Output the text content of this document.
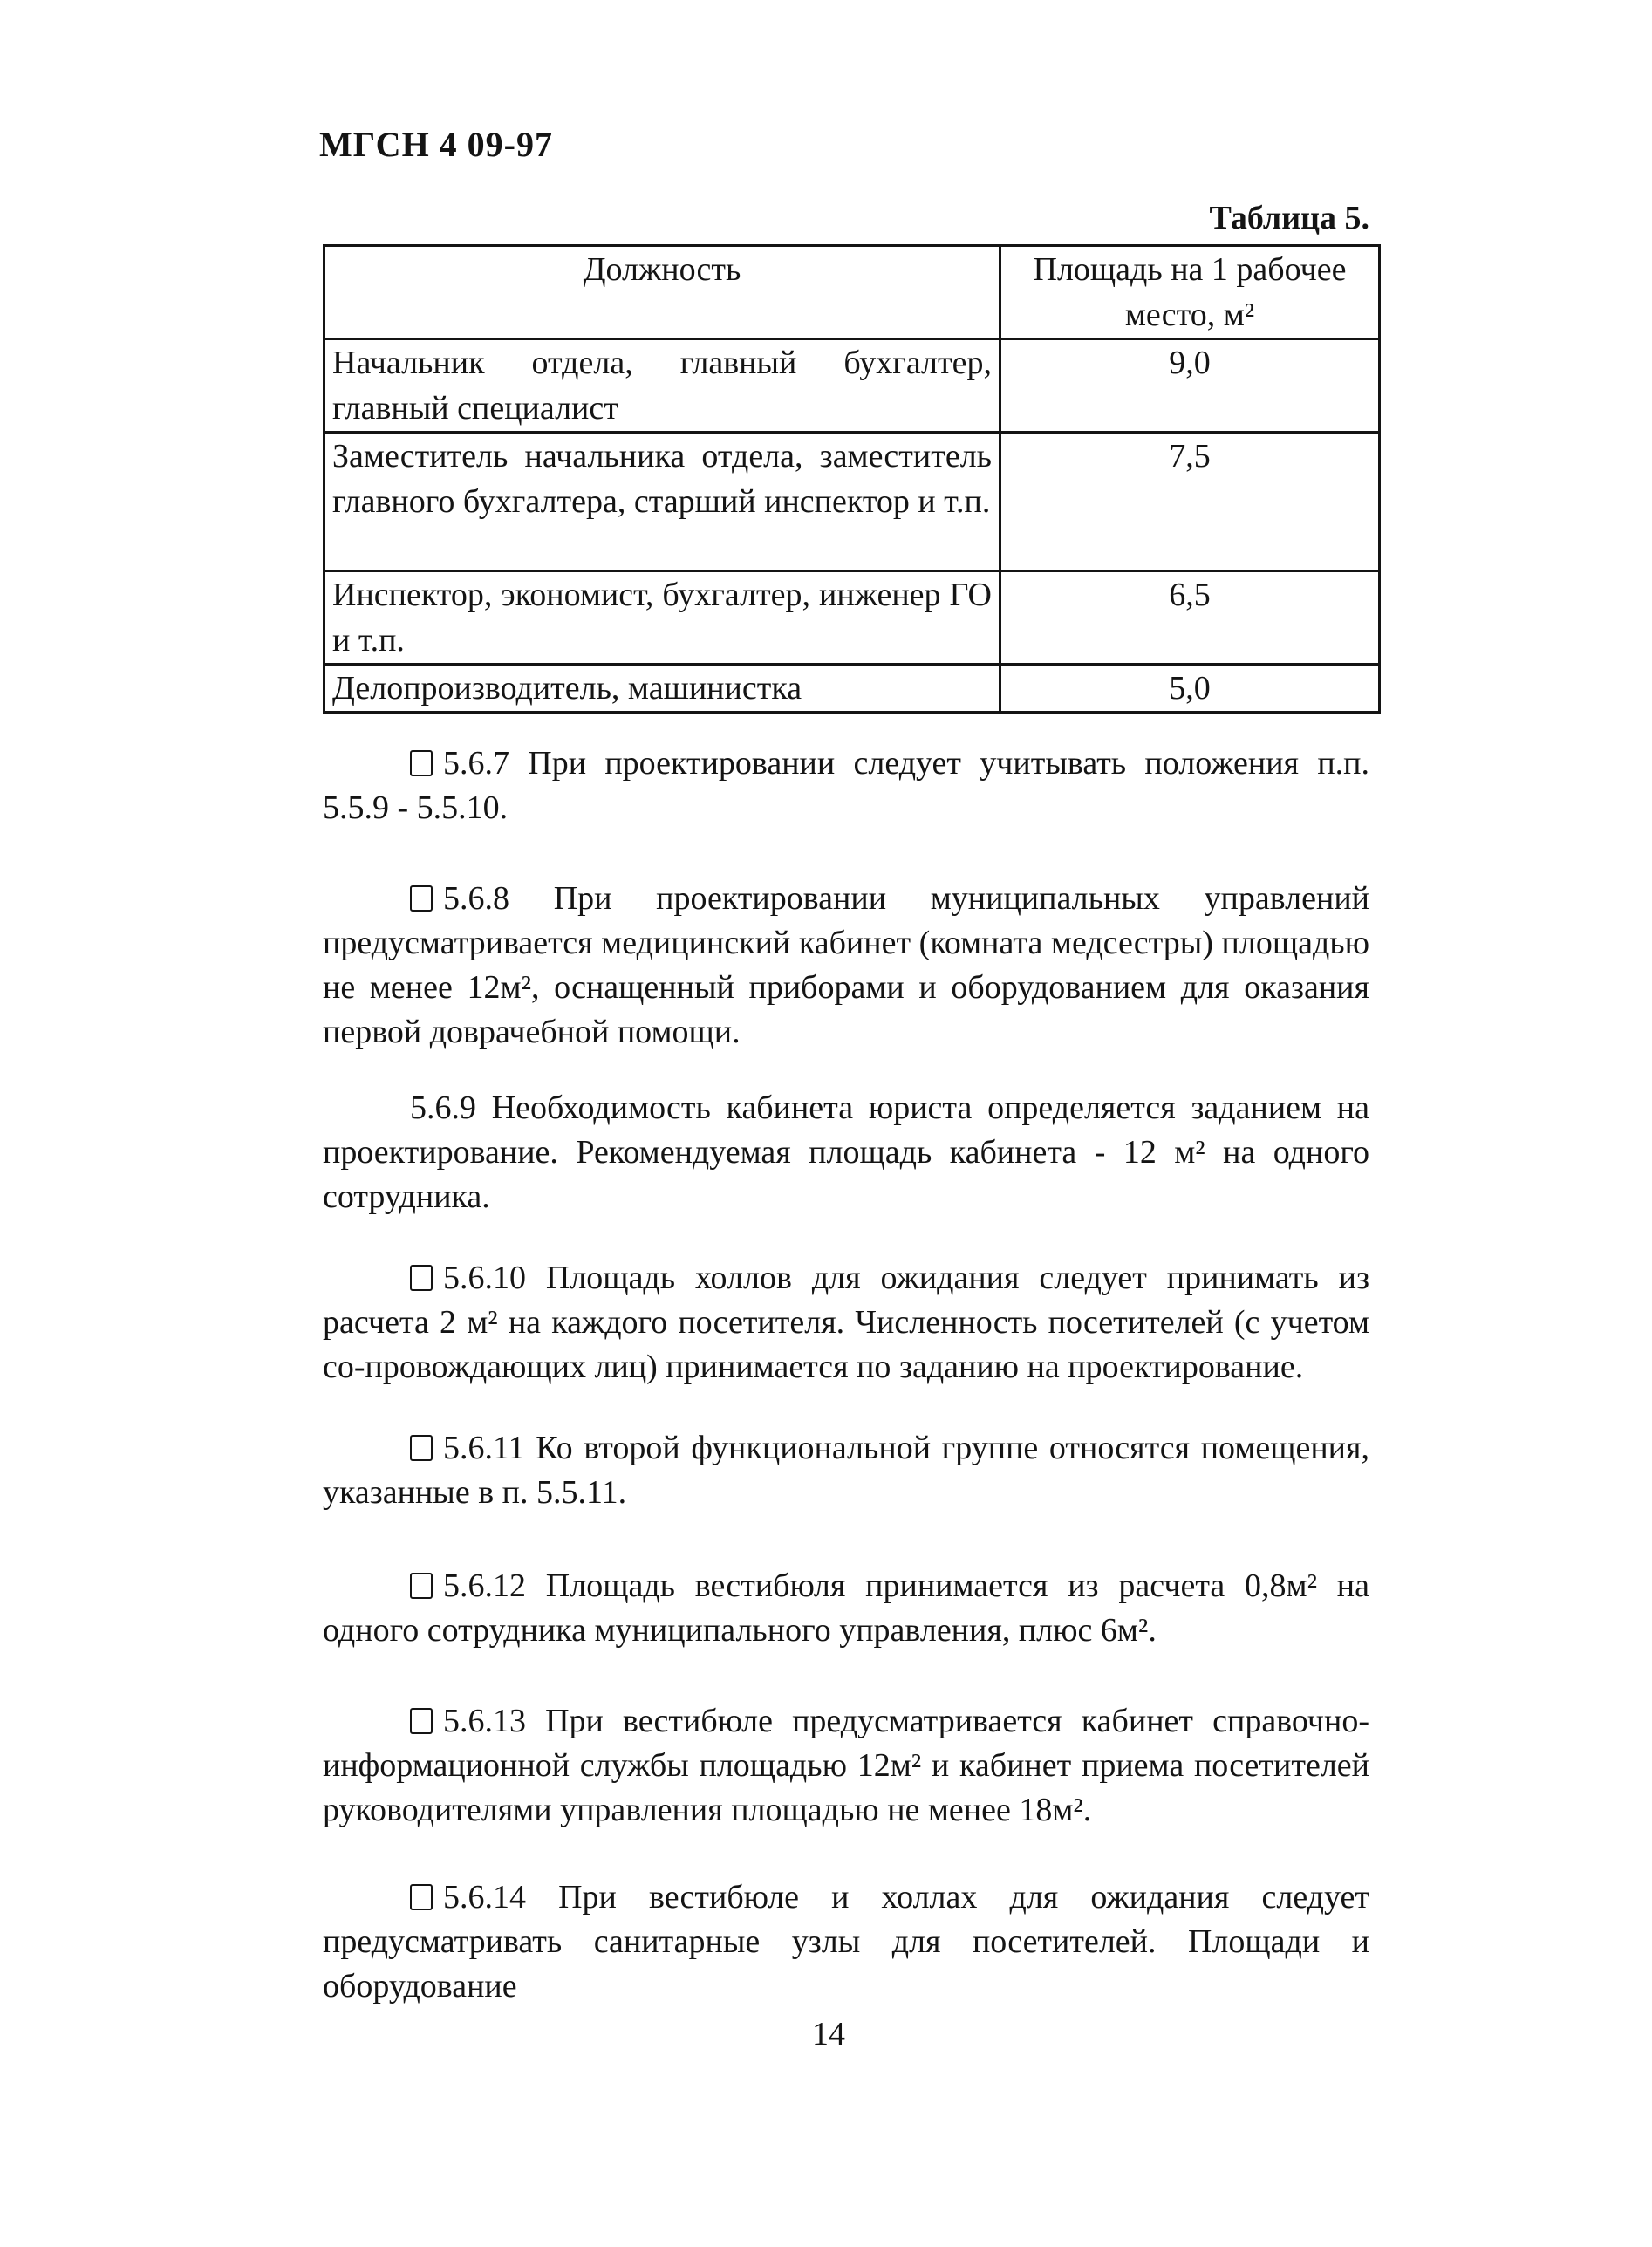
МГСН 4 09-97
Таблица 5.
Должность	Площадь на 1 рабочее место, м²
Начальник отдела, главный бухгалтер, главный специалист	9,0
Заместитель начальника отдела, заместитель главного бухгалтера, старший инспектор и т.п.	7,5
Инспектор, экономист, бухгалтер, инженер ГО и т.п.	6,5
Делопроизводитель, машинистка	5,0
5.6.7 При проектировании следует учитывать положения п.п. 5.5.9 - 5.5.10.
5.6.8 При проектировании муниципальных управлений предусматривается медицинский кабинет (комната медсестры) площадью не менее 12м², оснащенный приборами и оборудованием для оказания первой доврачебной помощи.
5.6.9 Необходимость кабинета юриста определяется заданием на проектирование. Рекомендуемая площадь кабинета - 12 м² на одного сотрудника.
5.6.10 Площадь холлов для ожидания следует принимать из расчета 2 м² на каждого посетителя. Численность посетителей (с учетом со-провождающих лиц) принимается по заданию на проектирование.
5.6.11 Ко второй функциональной группе относятся помещения, указанные в п. 5.5.11.
5.6.12 Площадь вестибюля принимается из расчета 0,8м² на одного сотрудника муниципального управления, плюс 6м².
5.6.13 При вестибюле предусматривается кабинет справочно-информационной службы площадью 12м² и кабинет приема посетителей руководителями управления площадью не менее 18м².
5.6.14 При вестибюле и холлах для ожидания следует предусматривать санитарные узлы для посетителей. Площади и оборудование
14
